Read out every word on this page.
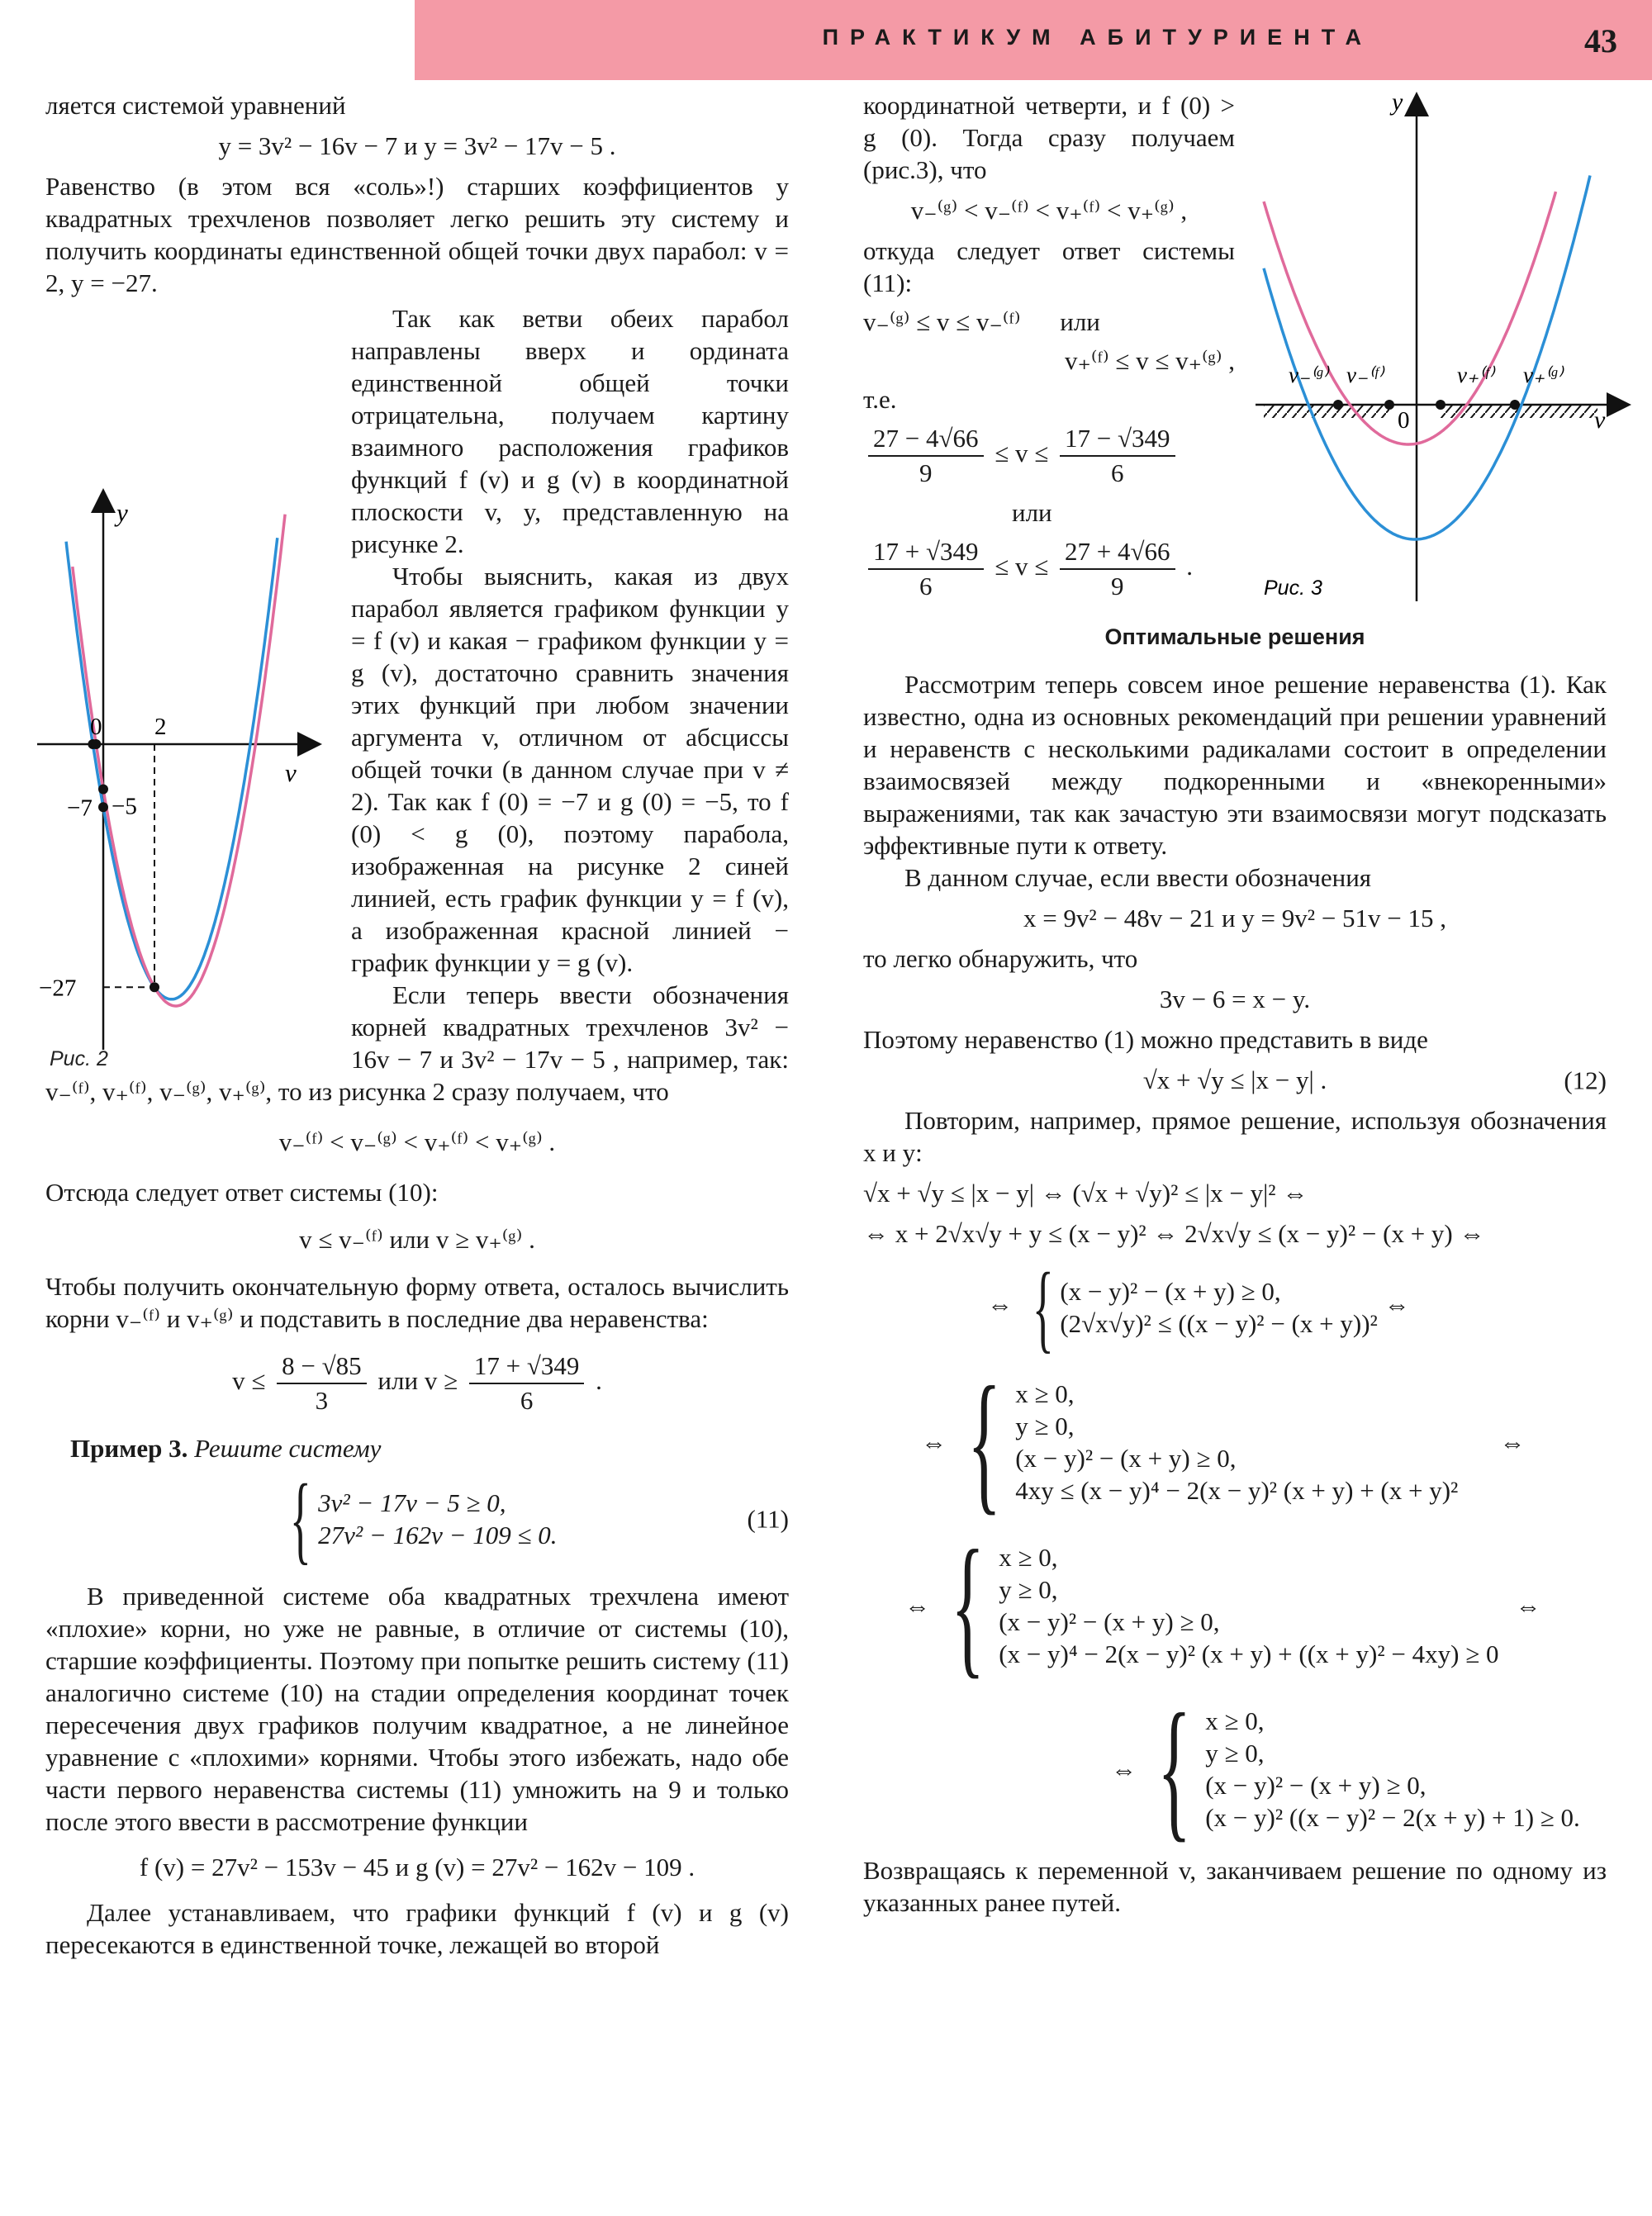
ПРАКТИКУМ АБИТУРИЕНТА	43

ляется системой уравнений

y = 3v² − 16v − 7 и y = 3v² − 17v − 5 .

Равенство (в этом вся «соль»!) старших коэффициентов у квадратных трехчленов позволяет легко решить эту систему и получить координаты единственной общей точки двух парабол: v = 2, y = −27.

y
v
0 2
−5
−7
−27

Так как ветви обеих парабол направлены вверх и ордината единственной общей точки отрицательна, получаем картину взаимного расположения графиков функций f (v) и g (v) в координатной плоскости v, y, представленную на рисунке 2.

Чтобы выяснить, какая из двух парабол является графиком функции y = f (v) и какая − графиком функции y = g (v), достаточно сравнить значения этих функций при любом значении аргумента v, отличном от абсциссы общей точки (в данном случае при v ≠ 2). Так как f (0) = −7 и g (0) = −5, то f (0) < g (0), поэтому парабола, изображенная на рисунке 2 синей линией, есть график функции y = f (v), а изображенная красной линией − график функции y = g (v).

Если теперь ввести обозначения корней квадратных трехчленов 3v² − 16v − 7 и 3v² − 17v − 5 , например, так: v₋⁽ᶠ⁾, v₊⁽ᶠ⁾, v₋⁽ᵍ⁾, v₊⁽ᵍ⁾, то из рисунка 2 сразу получаем, что

v₋⁽ᶠ⁾ < v₋⁽ᵍ⁾ < v₊⁽ᶠ⁾ < v₊⁽ᵍ⁾ .

Отсюда следует ответ системы (10):

v ≤ v₋⁽ᶠ⁾ или v ≥ v₊⁽ᵍ⁾ .

Чтобы получить окончательную форму ответа, осталось вычислить корни v₋⁽ᶠ⁾ и v₊⁽ᵍ⁾ и подставить в последние два неравенства:

$v \le \frac{8 - √85}{3}$ или $v \ge \frac{17 + √349}{6}$ .

Пример 3. Решите систему

{ 3v² − 17v − 5 ≥ 0,
27v² − 162v − 109 ≤ 0.
(11)

В приведенной системе оба квадратных трехчлена имеют «плохие» корни, но уже не равные, в отличие от системы (10), старшие коэффициенты. Поэтому при попытке решить систему (11) аналогично системе (10) на стадии определения координат точек пересечения двух графиков получим квадратное, а не линейное уравнение с «плохими» корнями. Чтобы этого избежать, надо обе части первого неравенства системы (11) умножить на 9 и только после этого ввести в рассмотрение функции

f (v) = 27v² − 153v − 45 и g (v) = 27v² − 162v − 109 .

Далее устанавливаем, что графики функций f (v) и g (v) пересекаются в единственной точке, лежащей во второй

координатной четверти, и f (0) > g (0). Тогда сразу получаем (рис.3), что

v₋⁽ᵍ⁾ < v₋⁽ᶠ⁾ < v₊⁽ᶠ⁾ < v₊⁽ᵍ⁾ ,

откуда следует ответ системы (11):

v₋⁽ᵍ⁾ ≤ v ≤ v₋⁽ᶠ⁾ или
v₊⁽ᶠ⁾ ≤ v ≤ v₊⁽ᵍ⁾ ,

т.е.

$\frac{27 - 4√66}{9} \le v \le \frac{17 - √349}{6}$
или
$\frac{17 + √349}{6} \le v \le \frac{27 + 4√66}{9}$ .
Оптимальные решения

Рассмотрим теперь совсем иное решение неравенства (1). Как известно, одна из основных рекомендаций при решении уравнений и неравенств с несколькими радикалами состоит в определении взаимосвязей между подкоренными и «внекоренными» выражениями, так как зачастую эти взаимосвязи могут подсказать эффективные пути к ответу.

В данном случае, если ввести обозначения

x = 9v² − 48v − 21 и y = 9v² − 51v − 15 ,

то легко обнаружить, что

3v − 6 = x − y.

Поэтому неравенство (1) можно представить в виде

√x + √y ≤ |x − y| .	(12)

Повторим, например, прямое решение, используя обозначения x и y:

√x + √y ≤ |x − y| ⇔ (√x + √y)² ≤ |x − y|² ⇔
⇔ x + 2√x√y + y ≤ (x − y)² ⇔ 2√x√y ≤ (x − y)² − (x + y) ⇔
⇔ { (x − y)² − (x + y) ≥ 0,
(2√x√y)² ≤ ((x − y)² − (x + y))²
⇔
⇔ { x ≥ 0,
y ≥ 0,
(x − y)² − (x + y) ≥ 0,
4xy ≤ (x − y)⁴ − 2(x − y)² (x + y) + (x + y)²
⇔
⇔ { x ≥ 0,
y ≥ 0,
(x − y)² − (x + y) ≥ 0,
(x − y)⁴ − 2(x − y)² (x + y) + ((x + y)² − 4xy) ≥ 0
⇔
⇔ { x ≥ 0,
y ≥ 0,
(x − y)² − (x + y) ≥ 0,
(x − y)² ((x − y)² − 2(x + y) + 1) ≥ 0.

Возвращаясь к переменной v, заканчиваем решение по одному из указанных ранее путей.

y
v
0
v₋⁽ᵍ⁾ v₋⁽ᶠ⁾	v₊⁽ᶠ⁾ v₊⁽ᵍ⁾
Рис. 3
Рис. 2
